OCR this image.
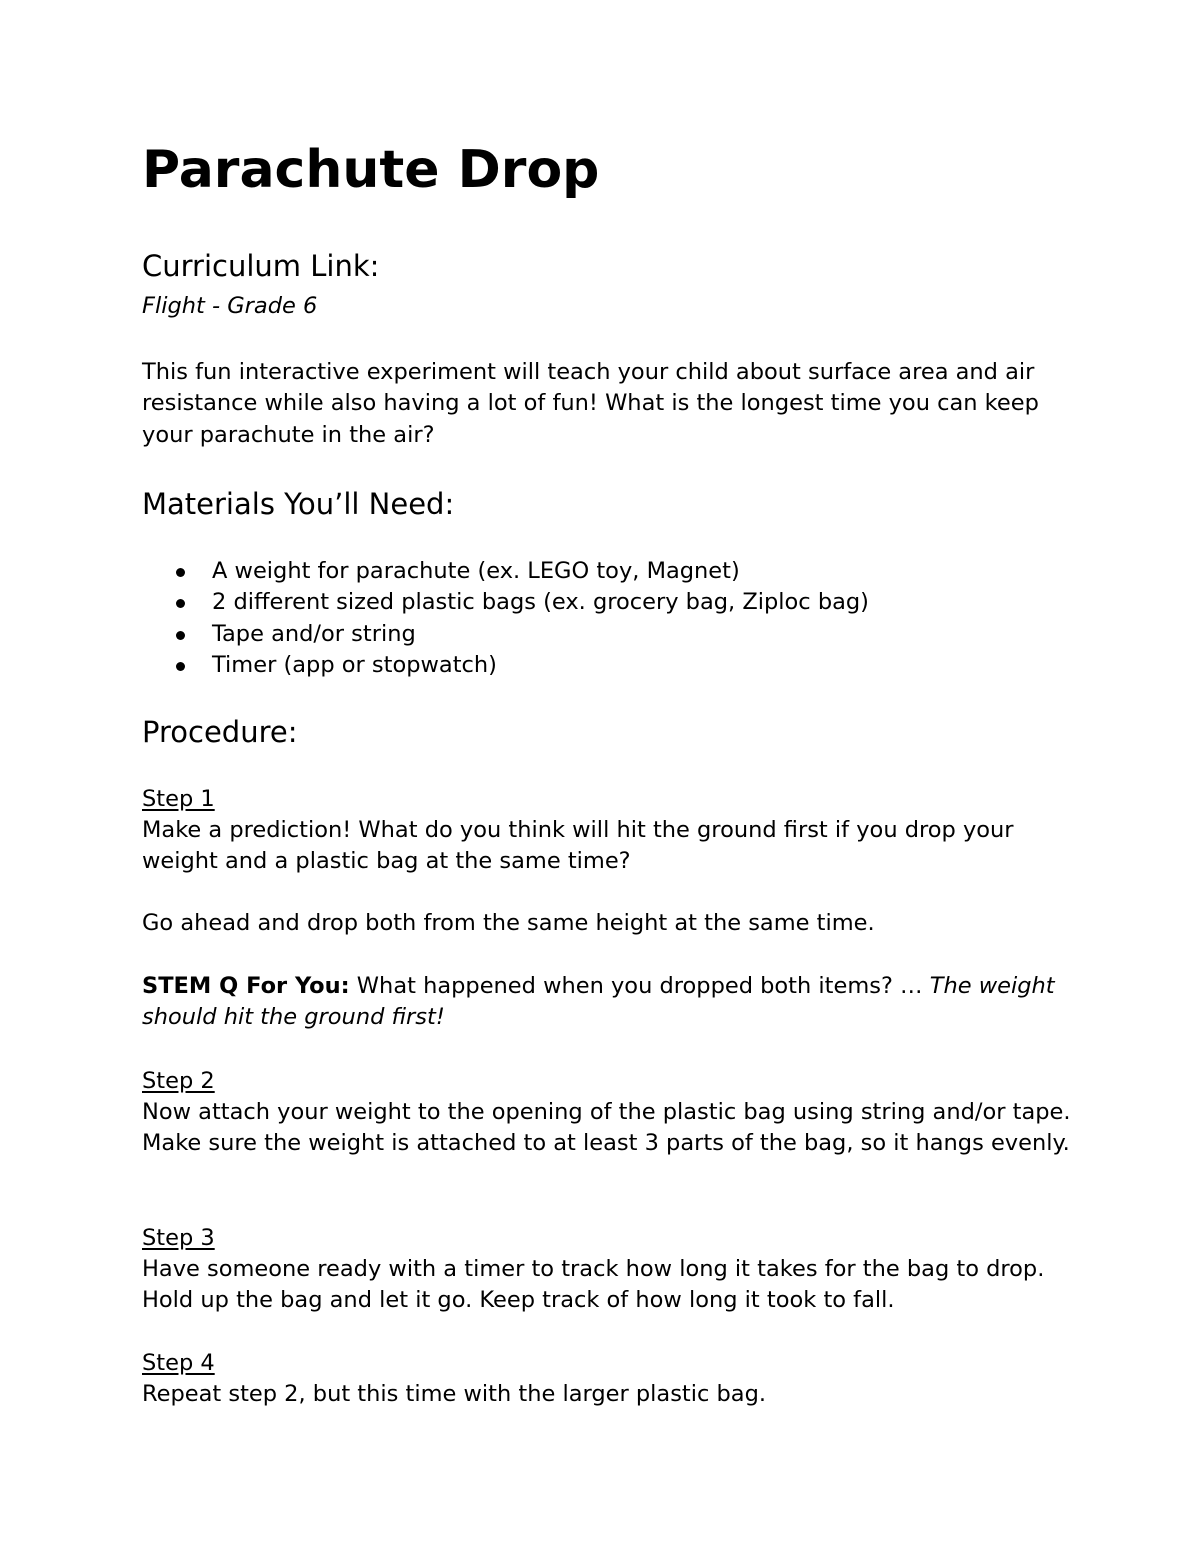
Parachute Drop
Curriculum Link:

Flight - Grade 6

This fun interactive experiment will teach your child about surface area and air resistance while also having a lot of fun! What is the longest time you can keep your parachute in the air?

Materials You’ll Need:
A weight for parachute (ex. LEGO toy, Magnet)
2 different sized plastic bags (ex. grocery bag, Ziploc bag)
Tape and/or string
Timer (app or stopwatch)
Procedure:

Step 1

Make a prediction! What do you think will hit the ground first if you drop your weight and a plastic bag at the same time?

Go ahead and drop both from the same height at the same time.

STEM Q For You: What happened when you dropped both items? … The weight should hit the ground first!

Step 2

Now attach your weight to the opening of the plastic bag using string and/or tape. Make sure the weight is attached to at least 3 parts of the bag, so it hangs evenly.

Step 3

Have someone ready with a timer to track how long it takes for the bag to drop. Hold up the bag and let it go. Keep track of how long it took to fall.

Step 4

Repeat step 2, but this time with the larger plastic bag.
